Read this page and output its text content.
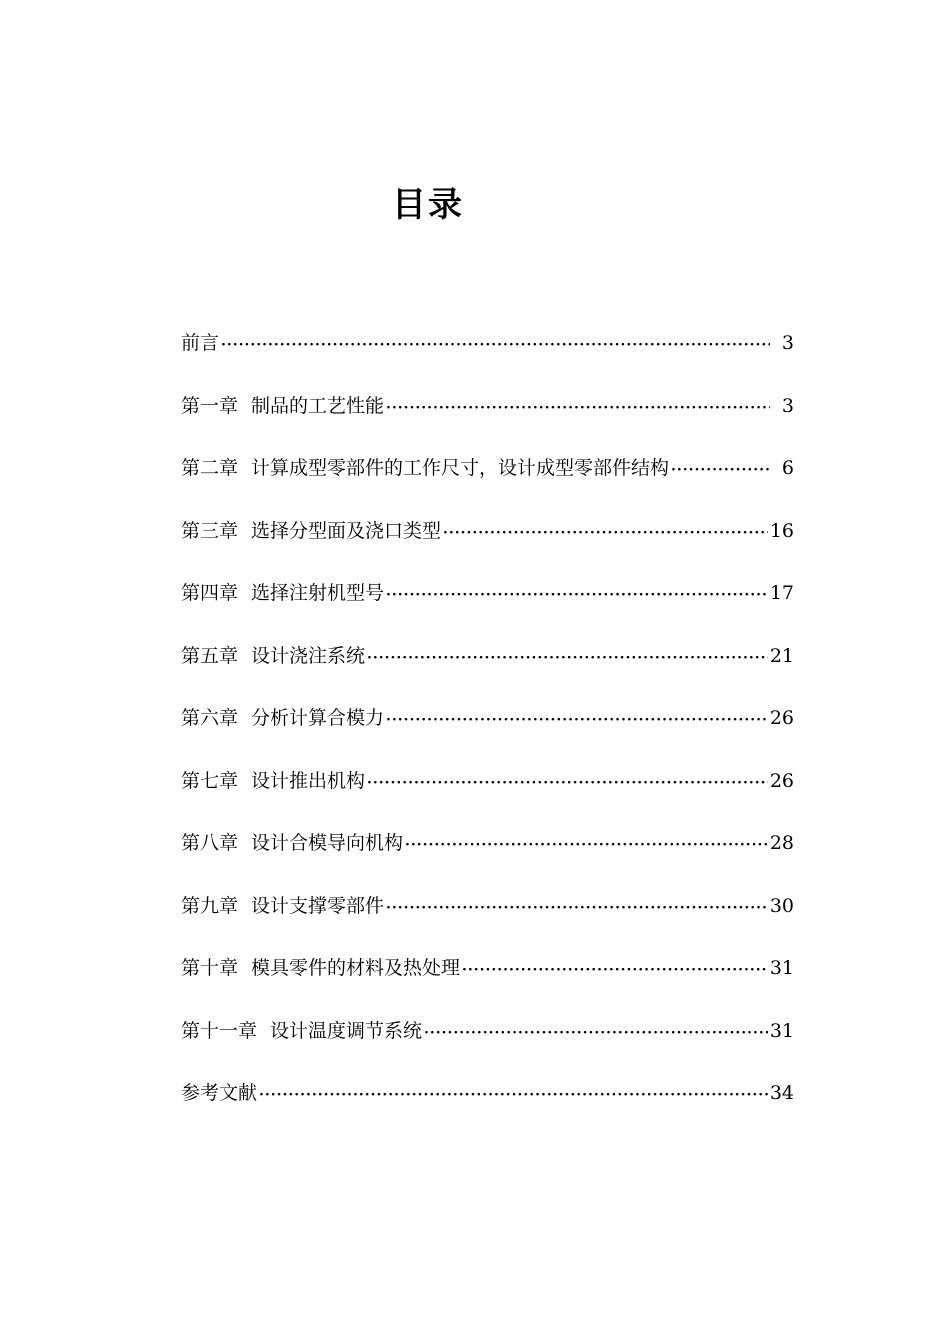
目录
前言 ·····	3
第一章 制品的工艺性能 ·····	3
第二章 计算成型零部件的工作尺寸，设计成型零部件结构 ·····	6
第三章 选择分型面及浇口类型 ·····	16
第四章 选择注射机型号 ·····	17
第五章 设计浇注系统 ·····	21
第六章 分析计算合模力 ·····	26
第七章 设计推出机构 ·····	26
第八章 设计合模导向机构 ·····	28
第九章 设计支撑零部件 ·····	30
第十章 模具零件的材料及热处理 ·····	31
第十一章 设计温度调节系统 ·····	31
参考文献 ·····	34
